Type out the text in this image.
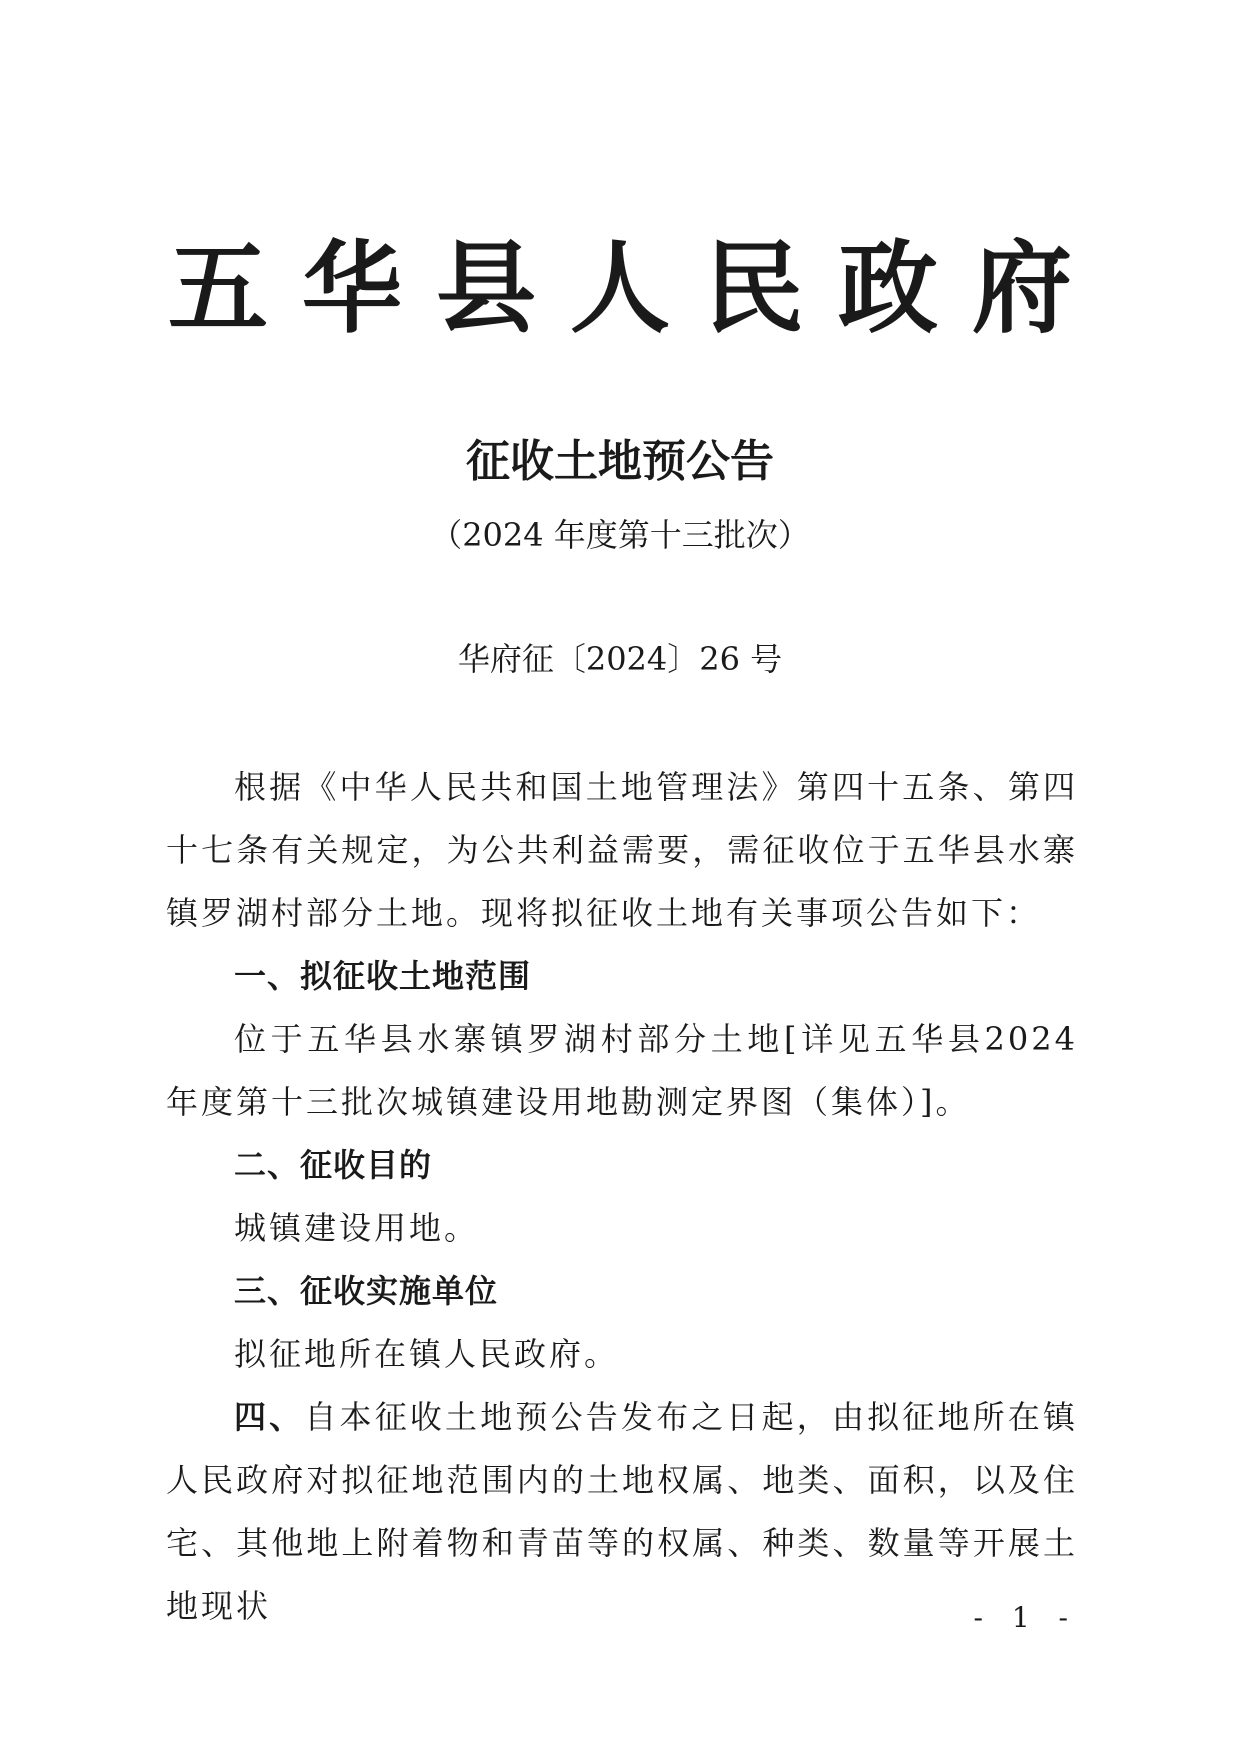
五华县人民政府
征收土地预公告
（2024 年度第十三批次）
华府征〔2024〕26 号

根据《中华人民共和国土地管理法》第四十五条、第四十七条有关规定，为公共利益需要，需征收位于五华县水寨镇罗湖村部分土地。现将拟征收土地有关事项公告如下：

一、拟征收土地范围

位于五华县水寨镇罗湖村部分土地[详见五华县2024 年度第十三批次城镇建设用地勘测定界图（集体）]。

二、征收目的

城镇建设用地。

三、征收实施单位

拟征地所在镇人民政府。

四、自本征收土地预公告发布之日起，由拟征地所在镇人民政府对拟征地范围内的土地权属、地类、面积，以及住宅、其他地上附着物和青苗等的权属、种类、数量等开展土地现状	- 1 -
